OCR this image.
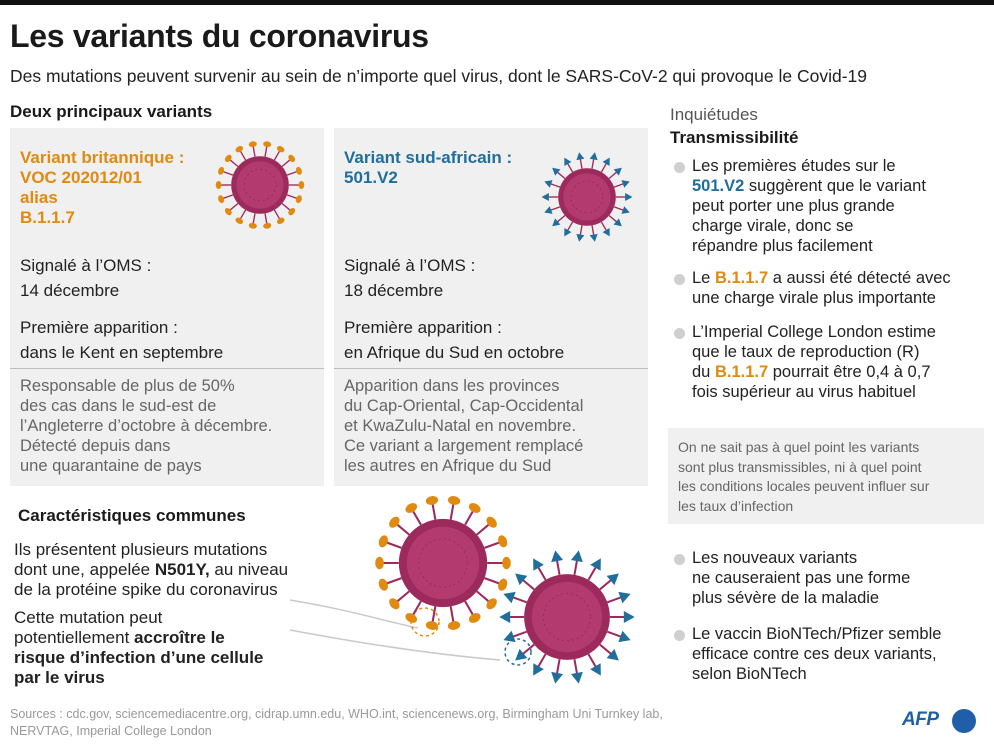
Les variants du coronavirus
Des mutations peuvent survenir au sein de n’importe quel virus, dont le SARS-CoV-2 qui provoque le Covid-19
Deux principaux variants
Variant britannique :
VOC 202012/01
alias
B.1.1.7
Signalé à l’OMS :
14 décembre
Première apparition :
dans le Kent en septembre
Responsable de plus de 50%
des cas dans le sud-est de
l’Angleterre d’octobre à décembre.
Détecté depuis dans
une quarantaine de pays
Variant sud-africain :
501.V2
Signalé à l’OMS :
18 décembre
Première apparition :
en Afrique du Sud en octobre
Apparition dans les provinces
du Cap-Oriental, Cap-Occidental
et KwaZulu-Natal en novembre.
Ce variant a largement remplacé
les autres en Afrique du Sud
Inquiétudes
Transmissibilité
Les premières études sur le
501.V2 suggèrent que le variant
peut porter une plus grande
charge virale, donc se
répandre plus facilement
Le B.1.1.7 a aussi été détecté avec
une charge virale plus importante
L’Imperial College London estime
que le taux de reproduction (R)
du B.1.1.7 pourrait être 0,4 à 0,7
fois supérieur au virus habituel
On ne sait pas à quel point les variants
sont plus transmissibles, ni à quel point
les conditions locales peuvent influer sur
les taux d’infection
Les nouveaux variants
ne causeraient pas une forme
plus sévère de la maladie
Le vaccin BioNTech/Pfizer semble
efficace contre ces deux variants,
selon BioNTech
Caractéristiques communes
Ils présentent plusieurs mutations
dont une, appelée N501Y, au niveau
de la protéine spike du coronavirus
Cette mutation peut
potentiellement accroître le
risque d’infection d’une cellule
par le virus
Sources : cdc.gov, sciencemediacentre.org, cidrap.umn.edu, WHO.int, sciencenews.org, Birmingham Uni Turnkey lab,
NERVTAG, Imperial College London
AFP
